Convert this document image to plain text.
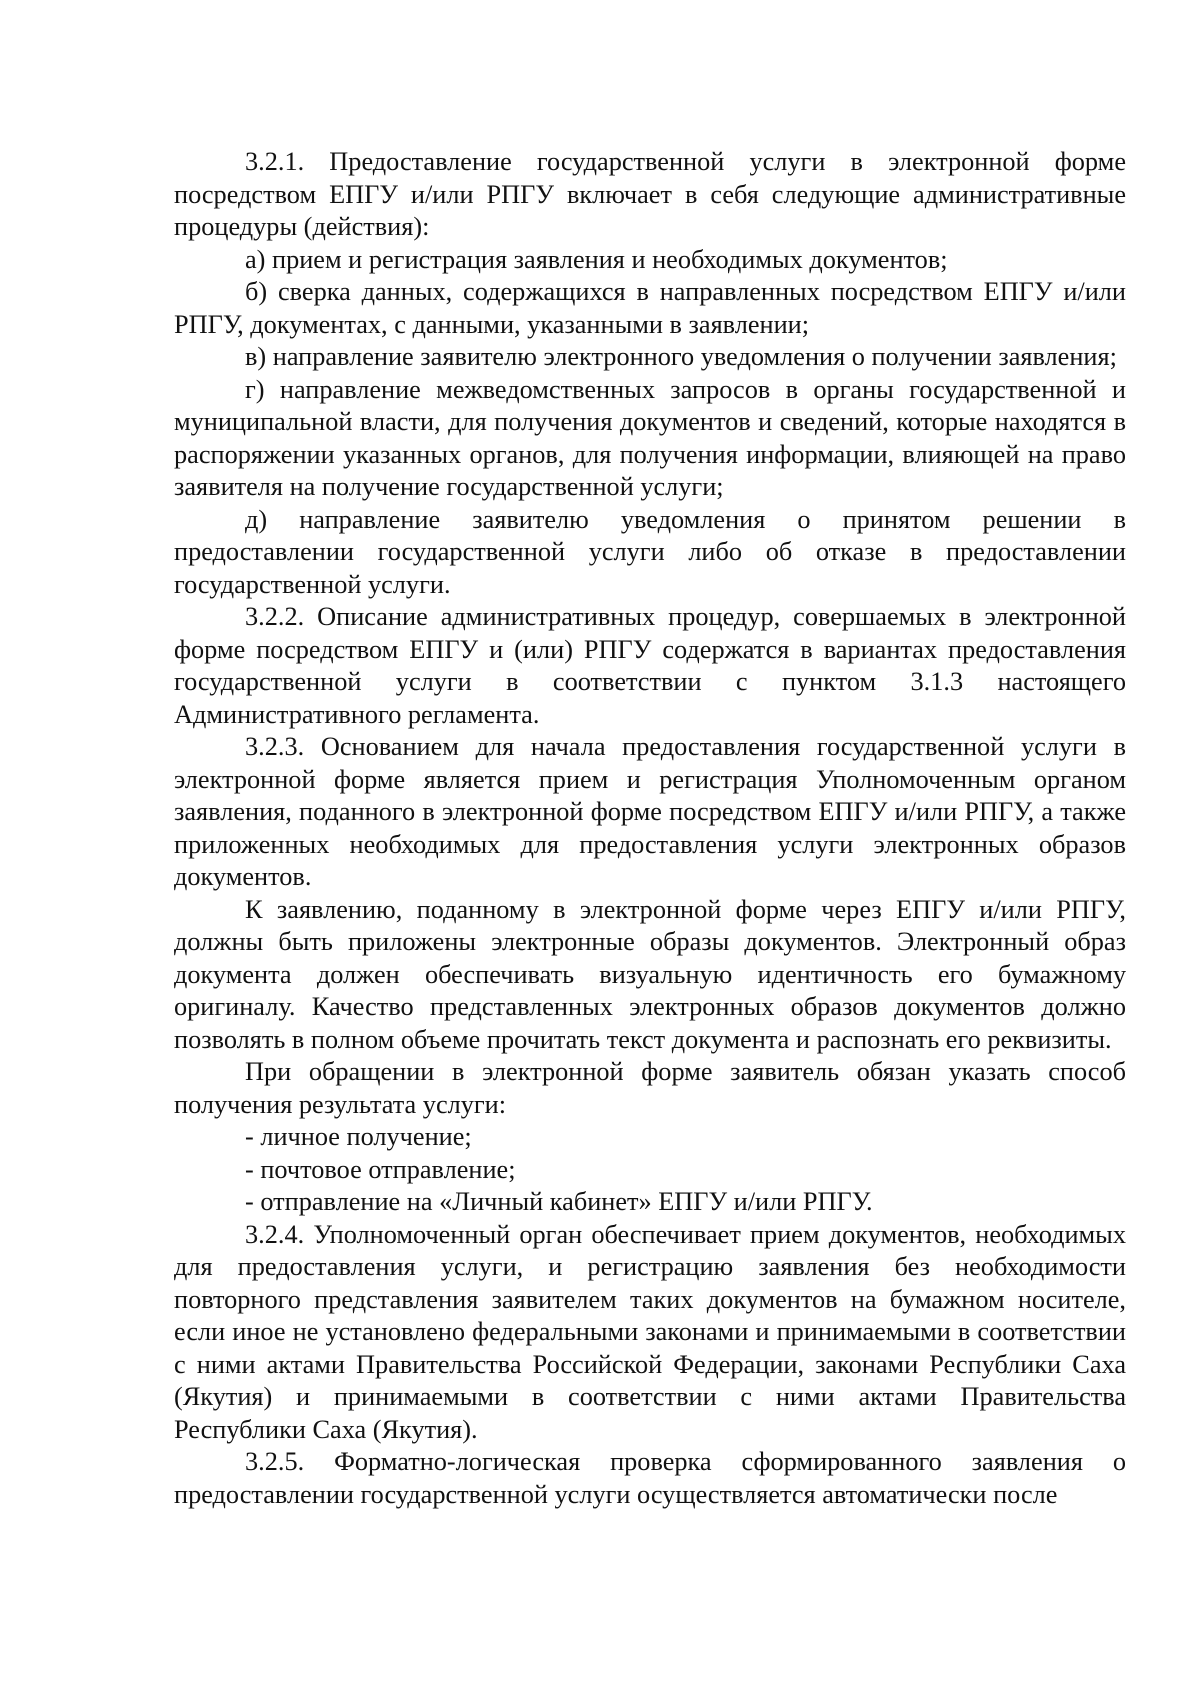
3.2.1. Предоставление государственной услуги в электронной форме посредством ЕПГУ и/или РПГУ включает в себя следующие административные процедуры (действия):

а) прием и регистрация заявления и необходимых документов;

б) сверка данных, содержащихся в направленных посредством ЕПГУ и/или РПГУ, документах, с данными, указанными в заявлении;

в) направление заявителю электронного уведомления о получении заявления;

г) направление межведомственных запросов в органы государственной и муниципальной власти, для получения документов и сведений, которые находятся в распоряжении указанных органов, для получения информации, влияющей на право заявителя на получение государственной услуги;

д) направление заявителю уведомления о принятом решении в предоставлении государственной услуги либо об отказе в предоставлении государственной услуги.

3.2.2. Описание административных процедур, совершаемых в электронной форме посредством ЕПГУ и (или) РПГУ содержатся в вариантах предоставления государственной услуги в соответствии с пунктом 3.1.3 настоящего Административного регламента.

3.2.3. Основанием для начала предоставления государственной услуги в электронной форме является прием и регистрация Уполномоченным органом заявления, поданного в электронной форме посредством ЕПГУ и/или РПГУ, а также приложенных необходимых для предоставления услуги электронных образов документов.

К заявлению, поданному в электронной форме через ЕПГУ и/или РПГУ, должны быть приложены электронные образы документов. Электронный образ документа должен обеспечивать визуальную идентичность его бумажному оригиналу. Качество представленных электронных образов документов должно позволять в полном объеме прочитать текст документа и распознать его реквизиты.

При обращении в электронной форме заявитель обязан указать способ получения результата услуги:

- личное получение;

- почтовое отправление;

- отправление на «Личный кабинет» ЕПГУ и/или РПГУ.

3.2.4. Уполномоченный орган обеспечивает прием документов, необходимых для предоставления услуги, и регистрацию заявления без необходимости повторного представления заявителем таких документов на бумажном носителе, если иное не установлено федеральными законами и принимаемыми в соответствии с ними актами Правительства Российской Федерации, законами Республики Саха (Якутия) и принимаемыми в соответствии с ними актами Правительства Республики Саха (Якутия).

3.2.5. Форматно-логическая проверка сформированного заявления о предоставлении государственной услуги осуществляется автоматически после
